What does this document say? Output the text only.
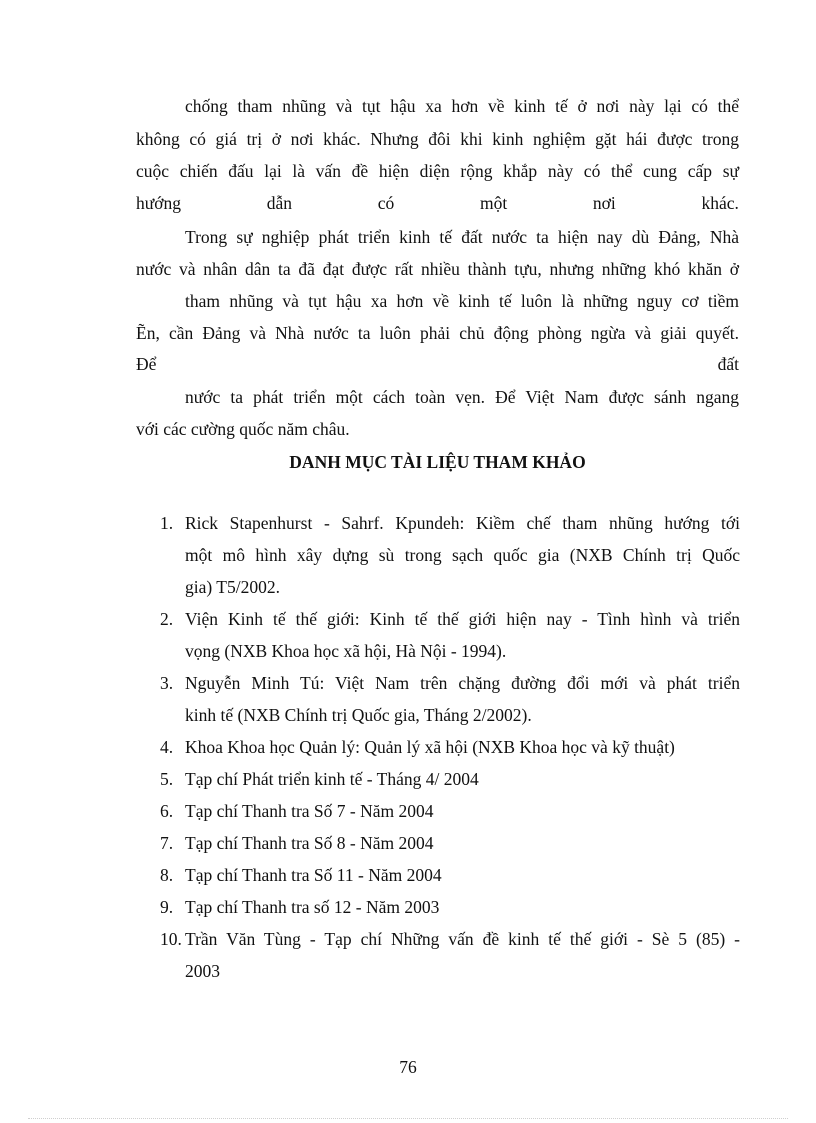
chống tham nhũng và tụt hậu xa hơn về kinh tế ở nơi này lại có thể
không có giá trị ở nơi khác. Nhưng đôi khi kinh nghiệm gặt hái được trong
cuộc chiến đấu lại là vấn đề hiện diện rộng khắp này có thể cung cấp sự
hướng	dẫn	có	một	nơi	khác.
Trong sự nghiệp phát triển kinh tế đất nước ta hiện nay dù Đảng, Nhà
nước và nhân dân ta đã đạt được rất nhiều thành tựu, nhưng những khó khăn ở
tham nhũng và tụt hậu xa hơn về kinh tế luôn là những nguy cơ tiềm
Ẽn, cần Đảng và Nhà nước ta luôn phải chủ động phòng ngừa và giải quyết.
Để	đất
nước ta phát triển một cách toàn vẹn. Để Việt Nam được sánh ngang
với các cường quốc năm châu.
DANH MỤC TÀI LIỆU THAM KHẢO
1. Rick Stapenhurst - Sahrf. Kpundeh: Kiềm chế tham nhũng hướng tới
một mô hình xây dựng sù trong sạch quốc gia (NXB Chính trị Quốc
gia) T5/2002.
2. Viện Kinh tế thế giới: Kinh tế thế giới hiện nay - Tình hình và triển
vọng (NXB Khoa học xã hội, Hà Nội - 1994).
3. Nguyễn Minh Tú: Việt Nam trên chặng đường đổi mới và phát triển
kinh tế (NXB Chính trị Quốc gia, Tháng 2/2002).
4. Khoa Khoa học Quản lý: Quản lý xã hội (NXB Khoa học và kỹ thuật)
5. Tạp chí Phát triển kinh tế - Tháng 4/ 2004
6. Tạp chí Thanh tra Số 7 - Năm 2004
7. Tạp chí Thanh tra Số 8 - Năm 2004
8. Tạp chí Thanh tra Số 11 - Năm 2004
9. Tạp chí Thanh tra số 12 - Năm 2003
10. Trần Văn Tùng - Tạp chí Những vấn đề kinh tế thế giới - Sè 5 (85) -
2003
76
